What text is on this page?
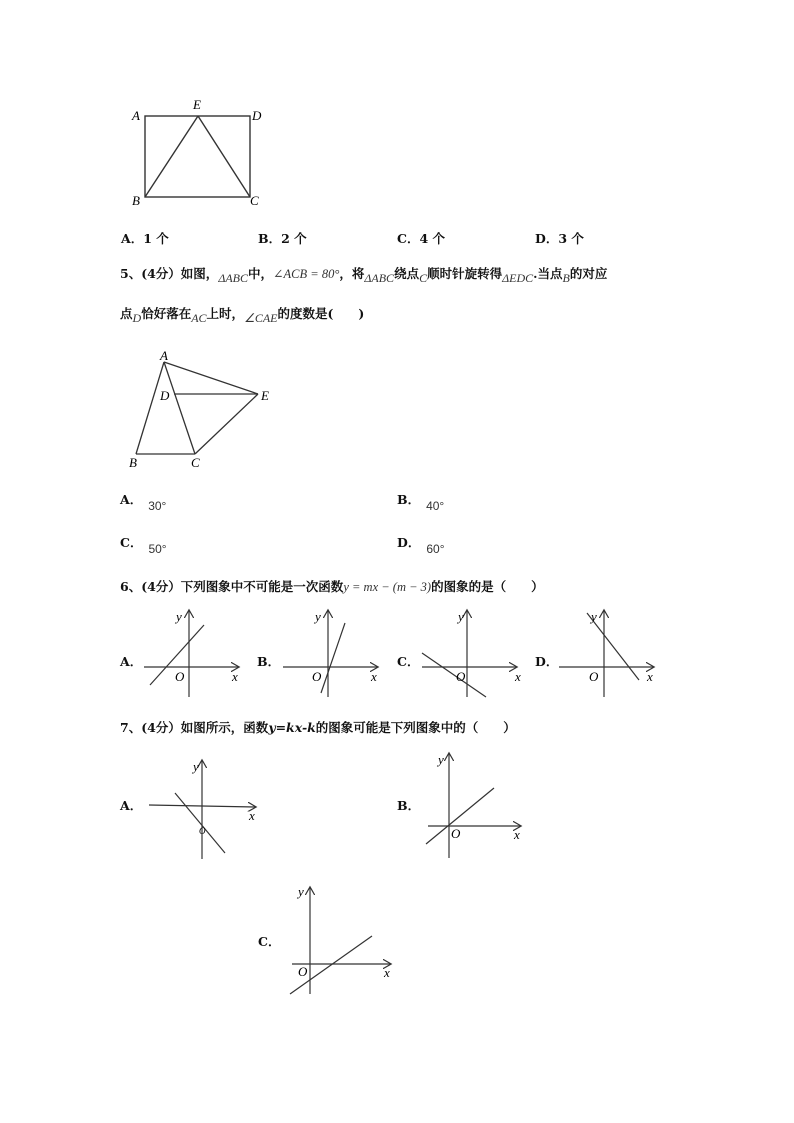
A
E
D
B	C
A．1 个	B．2 个	C．4 个	D．3 个
5、(4分）如图，ΔABC中，∠ACB = 80°，将ΔABC绕点C顺时针旋转得ΔEDC.当点B的对应
点D恰好落在AC上时，∠CAE的度数是(　　)
A
D	E
B	C
A． 30°	B． 40°
C． 50°	D． 60°
6、(4分）下列图象中不可能是一次函数y = mx − (m − 3)的图象的是（　　）
A．	B．	C．	D．
y
O	x
y
O	x
y
O	x
y
O	x
7、(4分）如图所示，函数y=kx-k的图象可能是下列图象中的（　　）
A．	B．
C．
y
O
x
y
O	x
y
O	x
